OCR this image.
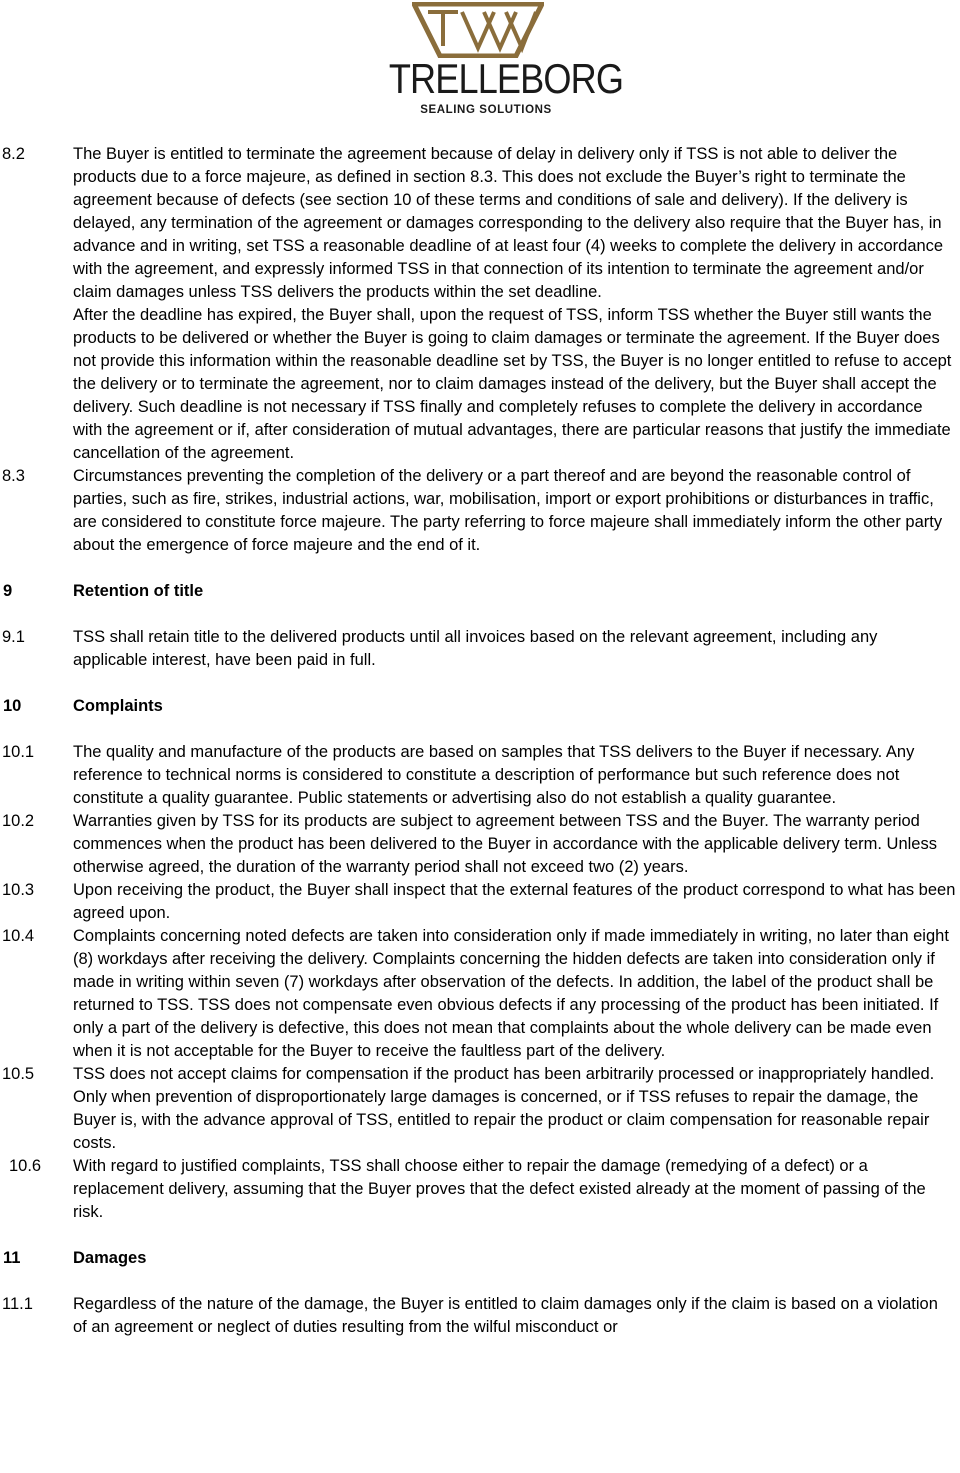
TRELLEBORG
SEALING SOLUTIONS
8.2	The Buyer is entitled to terminate the agreement because of delay in delivery only if TSS is not able to deliver the products due to a force majeure, as defined in section 8.3. This does not exclude the Buyer’s right to terminate the agreement because of defects (see section 10 of these terms and conditions of sale and delivery). If the delivery is delayed, any termination of the agreement or damages corresponding to the delivery also require that the Buyer has, in advance and in writing, set TSS a reasonable deadline of at least four (4) weeks to complete the delivery in accordance with the agreement, and expressly informed TSS in that connection of its intention to terminate the agreement and/or claim damages unless TSS delivers the products within the set deadline.
After the deadline has expired, the Buyer shall, upon the request of TSS, inform TSS whether the Buyer still wants the products to be delivered or whether the Buyer is going to claim damages or terminate the agreement. If the Buyer does not provide this information within the reasonable deadline set by TSS, the Buyer is no longer entitled to refuse to accept the delivery or to terminate the agreement, nor to claim damages instead of the delivery, but the Buyer shall accept the delivery. Such deadline is not necessary if TSS finally and completely refuses to complete the delivery in accordance with the agreement or if, after consideration of mutual advantages, there are particular reasons that justify the immediate cancellation of the agreement.
8.3	Circumstances preventing the completion of the delivery or a part thereof and are beyond the reasonable control of parties, such as fire, strikes, industrial actions, war, mobilisation, import or export prohibitions or disturbances in traffic, are considered to constitute force majeure. The party referring to force majeure shall immediately inform the other party about the emergence of force majeure and the end of it.
9	Retention of title
9.1	TSS shall retain title to the delivered products until all invoices based on the relevant agreement, including any applicable interest, have been paid in full.
10	Complaints
10.1 The quality and manufacture of the products are based on samples that TSS delivers to the Buyer if necessary. Any reference to technical norms is considered to constitute a description of performance but such reference does not constitute a quality guarantee. Public statements or advertising also do not establish a quality guarantee.
10.2 Warranties given by TSS for its products are subject to agreement between TSS and the Buyer. The warranty period commences when the product has been delivered to the Buyer in accordance with the applicable delivery term. Unless otherwise agreed, the duration of the warranty period shall not exceed two (2) years.
10.3 Upon receiving the product, the Buyer shall inspect that the external features of the product correspond to what has been agreed upon.
10.4 Complaints concerning noted defects are taken into consideration only if made immediately in writing, no later than eight (8) workdays after receiving the delivery. Complaints concerning the hidden defects are taken into consideration only if made in writing within seven (7) workdays after observation of the defects. In addition, the label of the product shall be returned to TSS. TSS does not compensate even obvious defects if any processing of the product has been initiated. If only a part of the delivery is defective, this does not mean that complaints about the whole delivery can be made even when it is not acceptable for the Buyer to receive the faultless part of the delivery.
10.5 TSS does not accept claims for compensation if the product has been arbitrarily processed or inappropriately handled. Only when prevention of disproportionately large damages is concerned, or if TSS refuses to repair the damage, the Buyer is, with the advance approval of TSS, entitled to repair the product or claim compensation for reasonable repair costs.
10.6 With regard to justified complaints, TSS shall choose either to repair the damage (remedying of a defect) or a replacement delivery, assuming that the Buyer proves that the defect existed already at the moment of passing of the risk.
11	Damages
11.1 Regardless of the nature of the damage, the Buyer is entitled to claim damages only if the claim is based on a violation of an agreement or neglect of duties resulting from the wilful misconduct or
